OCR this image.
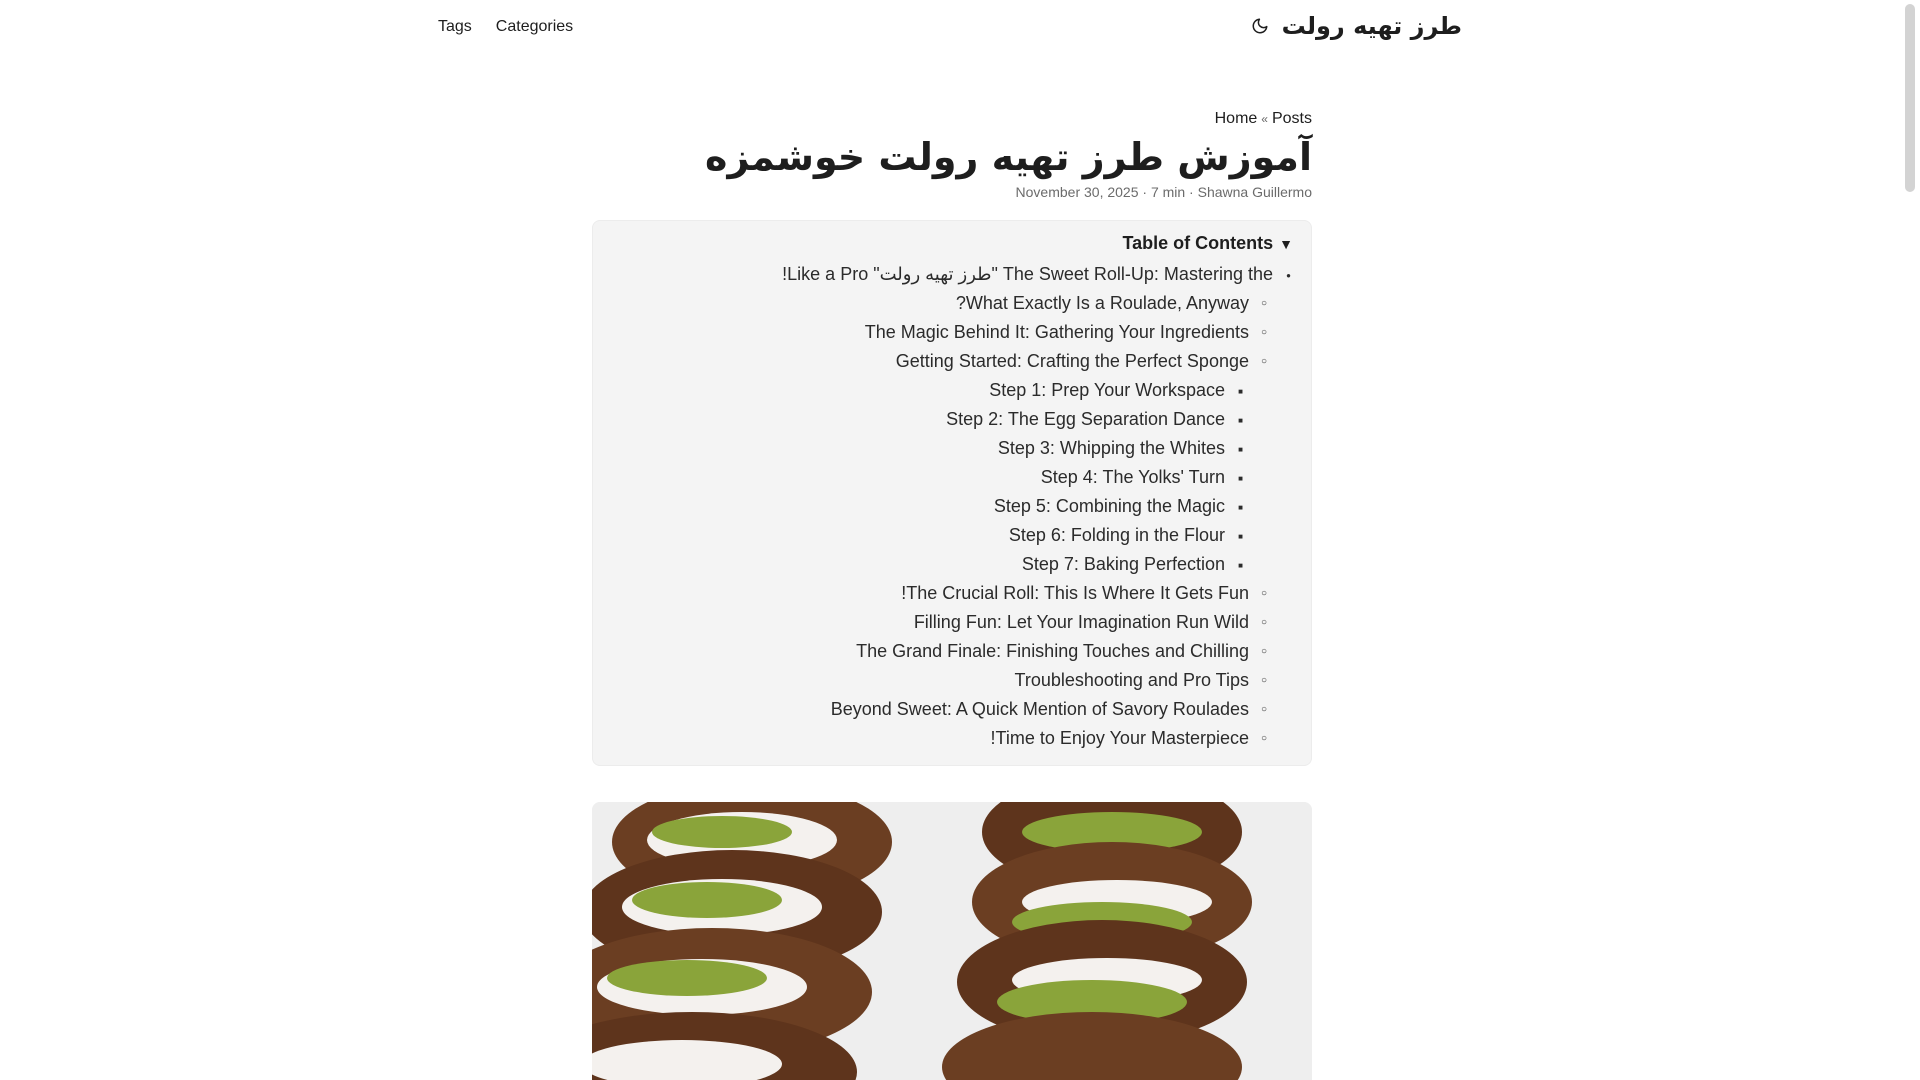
Tags Categories	طرز تهیه رولت
Home « Posts
آموزش طرز تهیه رولت خوشمزه
November 30, 2025 · 7 min · Shawna Guillermo
▼Table of Contents
● The Sweet Roll-Up: Mastering the "طرز تهیه رولت" Like a Pro!
○ What Exactly Is a Roulade, Anyway?
○ The Magic Behind It: Gathering Your Ingredients
○ Getting Started: Crafting the Perfect Sponge
■ Step 1: Prep Your Workspace
■ Step 2: The Egg Separation Dance
■ Step 3: Whipping the Whites
■ Step 4: The Yolks' Turn
■ Step 5: Combining the Magic
■ Step 6: Folding in the Flour
■ Step 7: Baking Perfection
○ The Crucial Roll: This Is Where It Gets Fun!
○ Filling Fun: Let Your Imagination Run Wild
○ The Grand Finale: Finishing Touches and Chilling
○ Troubleshooting and Pro Tips
○ Beyond Sweet: A Quick Mention of Savory Roulades
○ Time to Enjoy Your Masterpiece!
